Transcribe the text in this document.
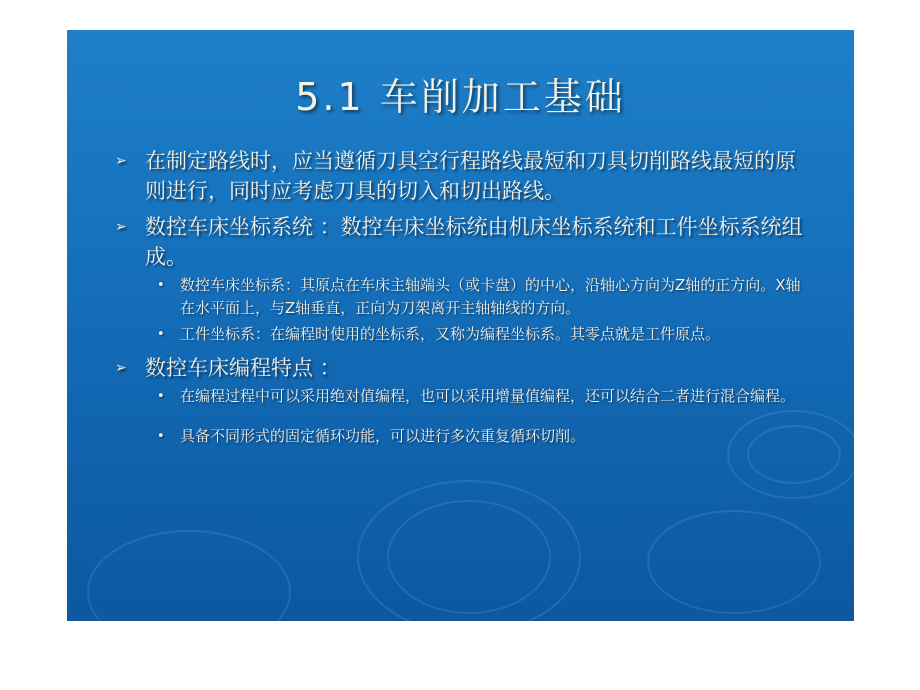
5.1 车削加工基础
➢ 在制定路线时，应当遵循刀具空行程路线最短和刀具切削路线最短的原则进行，同时应考虑刀具的切入和切出路线。
➢ 数控车床坐标系统 ：数控车床坐标统由机床坐标系统和工件坐标系统组成。
• 数控车床坐标系：其原点在车床主轴端头（或卡盘）的中心，沿轴心方向为Z轴的正方向。X轴在水平面上，与Z轴垂直，正向为刀架离开主轴轴线的方向。
• 工件坐标系：在编程时使用的坐标系，又称为编程坐标系。其零点就是工件原点。
➢ 数控车床编程特点 ：
• 在编程过程中可以采用绝对值编程，也可以采用增量值编程，还可以结合二者进行混合编程。
• 具备不同形式的固定循环功能，可以进行多次重复循环切削。
